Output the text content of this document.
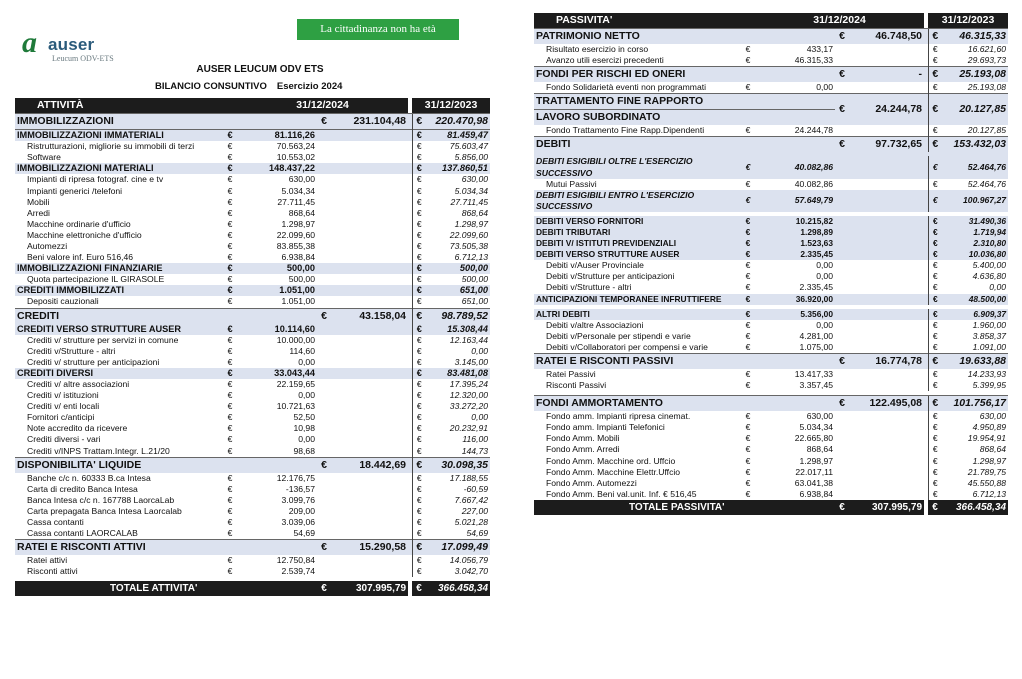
a auser
Leucum ODV-ETS
La cittadinanza non ha età
AUSER LEUCUM ODV ETS
BILANCIO CONSUNTIVO Esercizio 2024
ATTIVITÀ		31/12/2024				31/12/2023	
IMMOBILIZZAZIONI			€	231.104,48		€	220.470,98
IMMOBILIZZAZIONI IMMATERIALI	€	81.116,26				€	81.459,47
Ristrutturazioni, migliorie su immobili di terzi	€	70.563,24				€	75.603,47
Software	€	10.553,02				€	5.856,00
IMMOBILIZZAZIONI MATERIALI	€	148.437,22				€	137.860,51
Impianti di ripresa fotograf. cine e tv	€	630,00				€	630,00
Impianti generici /telefoni	€	5.034,34				€	5.034,34
Mobili	€	27.711,45				€	27.711,45
Arredi	€	868,64				€	868,64
Macchine ordinarie d'ufficio	€	1.298,97				€	1.298,97
Macchine elettroniche d'ufficio	€	22.099,60				€	22.099,60
Automezzi	€	83.855,38				€	73.505,38
Beni valore inf. Euro 516,46	€	6.938,84				€	6.712,13
IMMOBILIZZAZIONI FINANZIARIE	€	500,00				€	500,00
Quota partecipazione IL GIRASOLE	€	500,00				€	500,00
CREDITI IMMOBILIZZATI	€	1.051,00				€	651,00
Depositi cauzionali	€	1.051,00				€	651,00
CREDITI			€	43.158,04		€	98.789,52
CREDITI VERSO STRUTTURE AUSER	€	10.114,60				€	15.308,44
Crediti v/ strutture per servizi in comune	€	10.000,00				€	12.163,44
Crediti v/Strutture - altri	€	114,60				€	0,00
Crediti v/ strutture per anticipazioni	€	0,00				€	3.145,00
CREDITI DIVERSI	€	33.043,44				€	83.481,08
Crediti v/ altre associazioni	€	22.159,65				€	17.395,24
Crediti v/ istituzioni	€	0,00				€	12.320,00
Crediti v/ enti locali	€	10.721,63				€	33.272,20
Fornitori c/anticipi	€	52,50				€	0,00
Note accredito da ricevere	€	10,98				€	20.232,91
Crediti diversi - vari	€	0,00				€	116,00
Crediti v/INPS Trattam.Integr. L.21/20	€	98,68				€	144,73
DISPONIBILITA' LIQUIDE			€	18.442,69		€	30.098,35
Banche c/c n. 60333 B.ca Intesa	€	12.176,75				€	17.188,55
Carta di credito Banca Intesa	€	-136,57				€	-60,59
Banca Intesa c/c n. 167788 LaorcaLab	€	3.099,76				€	7.667,42
Carta prepagata Banca Intesa Laorcalab	€	209,00				€	227,00
Cassa contanti	€	3.039,06				€	5.021,28
Cassa contanti LAORCALAB	€	54,69				€	54,69
RATEI E RISCONTI ATTIVI			€	15.290,58		€	17.099,49
Ratei attivi	€	12.750,84				€	14.056,79
Risconti attivi	€	2.539,74				€	3.042,70

TOTALE ATTIVITA'			€	307.995,79		€	366.458,34
PASSIVITA'		31/12/2024				31/12/2023	
PATRIMONIO NETTO			€	46.748,50		€	46.315,33
Risultato esercizio in corso	€	433,17				€	16.621,60
Avanzo utili esercizi precedenti	€	46.315,33				€	29.693,73
FONDI PER RISCHI ED ONERI			€	-		€	25.193,08
Fondo Solidarietà eventi non programmati	€	0,00				€	25.193,08
TRATTAMENTO FINE RAPPORTO			€	24.244,78		€	20.127,85
LAVORO SUBORDINATO							
Fondo Trattamento Fine Rapp.Dipendenti	€	24.244,78				€	20.127,85
DEBITI			€	97.732,65		€	153.432,03

DEBITI ESIGIBILI OLTRE L'ESERCIZIO	€	40.082,86				€	52.464,76
SUCCESSIVO							
Mutui Passivi	€	40.082,86				€	52.464,76
DEBITI ESIGIBILI ENTRO L'ESERCIZIO	€	57.649,79				€	100.967,27
SUCCESSIVO							

DEBITI VERSO FORNITORI	€	10.215,82				€	31.490,36
DEBITI TRIBUTARI	€	1.298,89				€	1.719,94
DEBITI V/ ISTITUTI PREVIDENZIALI	€	1.523,63				€	2.310,80
DEBITI VERSO STRUTTURE AUSER	€	2.335,45				€	10.036,80
Debiti v/Auser Provinciale	€	0,00				€	5.400,00
Debiti v/Strutture per anticipazioni	€	0,00				€	4.636,80
Debiti v/Strutture - altri	€	2.335,45				€	0,00
ANTICIPAZIONI TEMPORANEE INFRUTTIFERE	€	36.920,00				€	48.500,00

ALTRI DEBITI	€	5.356,00				€	6.909,37
Debiti v/altre Associazioni	€	0,00				€	1.960,00
Debiti v/Personale per stipendi e varie	€	4.281,00				€	3.858,37
Debiti v/Collaboratori per compensi e varie	€	1.075,00				€	1.091,00
RATEI E RISCONTI PASSIVI			€	16.774,78		€	19.633,88
Ratei Passivi	€	13.417,33				€	14.233,93
Risconti Passivi	€	3.357,45				€	5.399,95

FONDI AMMORTAMENTO			€	122.495,08		€	101.756,17
Fondo amm. Impianti ripresa cinemat.	€	630,00				€	630,00
Fondo amm. Impianti Telefonici	€	5.034,34				€	4.950,89
Fondo Amm. Mobili	€	22.665,80				€	19.954,91
Fondo Amm. Arredi	€	868,64				€	868,64
Fondo Amm. Macchine ord. Uffcio	€	1.298,97				€	1.298,97
Fondo Amm. Macchine Elettr.Uffcio	€	22.017,11				€	21.789,75
Fondo Amm. Automezzi	€	63.041,38				€	45.550,88
Fondo Amm. Beni val.unit. Inf. € 516,45	€	6.938,84				€	6.712,13
TOTALE PASSIVITA'			€	307.995,79		€	366.458,34
